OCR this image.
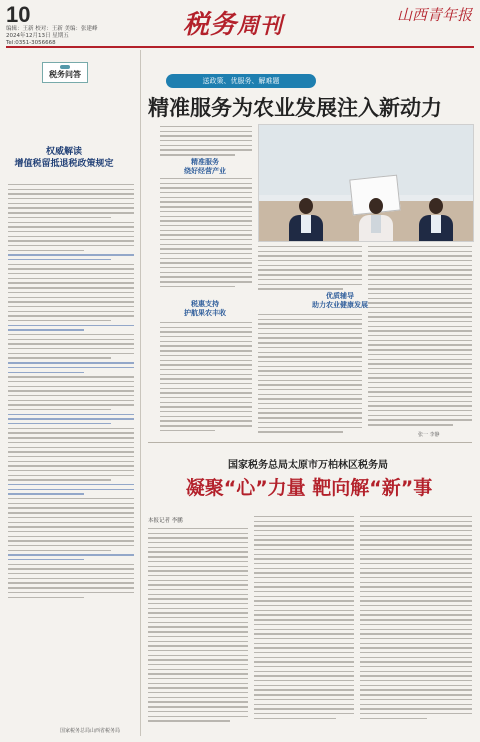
10
编辑：王新 校对：王新 美编：张建峰
2024年12月13日 星期五
Tel:0351-3056668
税务周刊	山西青年报
税务问答
权威解读
增值税留抵退税政策规定
国家税务总局山西省税务局
送政策、优服务、解难题
精准服务为农业发展注入新动力
精准服务
绕好经营产业
税惠支持
护航果农丰收
优质辅导
助力农业健康发展
张一 李静
国家税务总局太原市万柏林区税务局
凝聚“心”力量 靶向解“新”事
本报记者 李鹏
